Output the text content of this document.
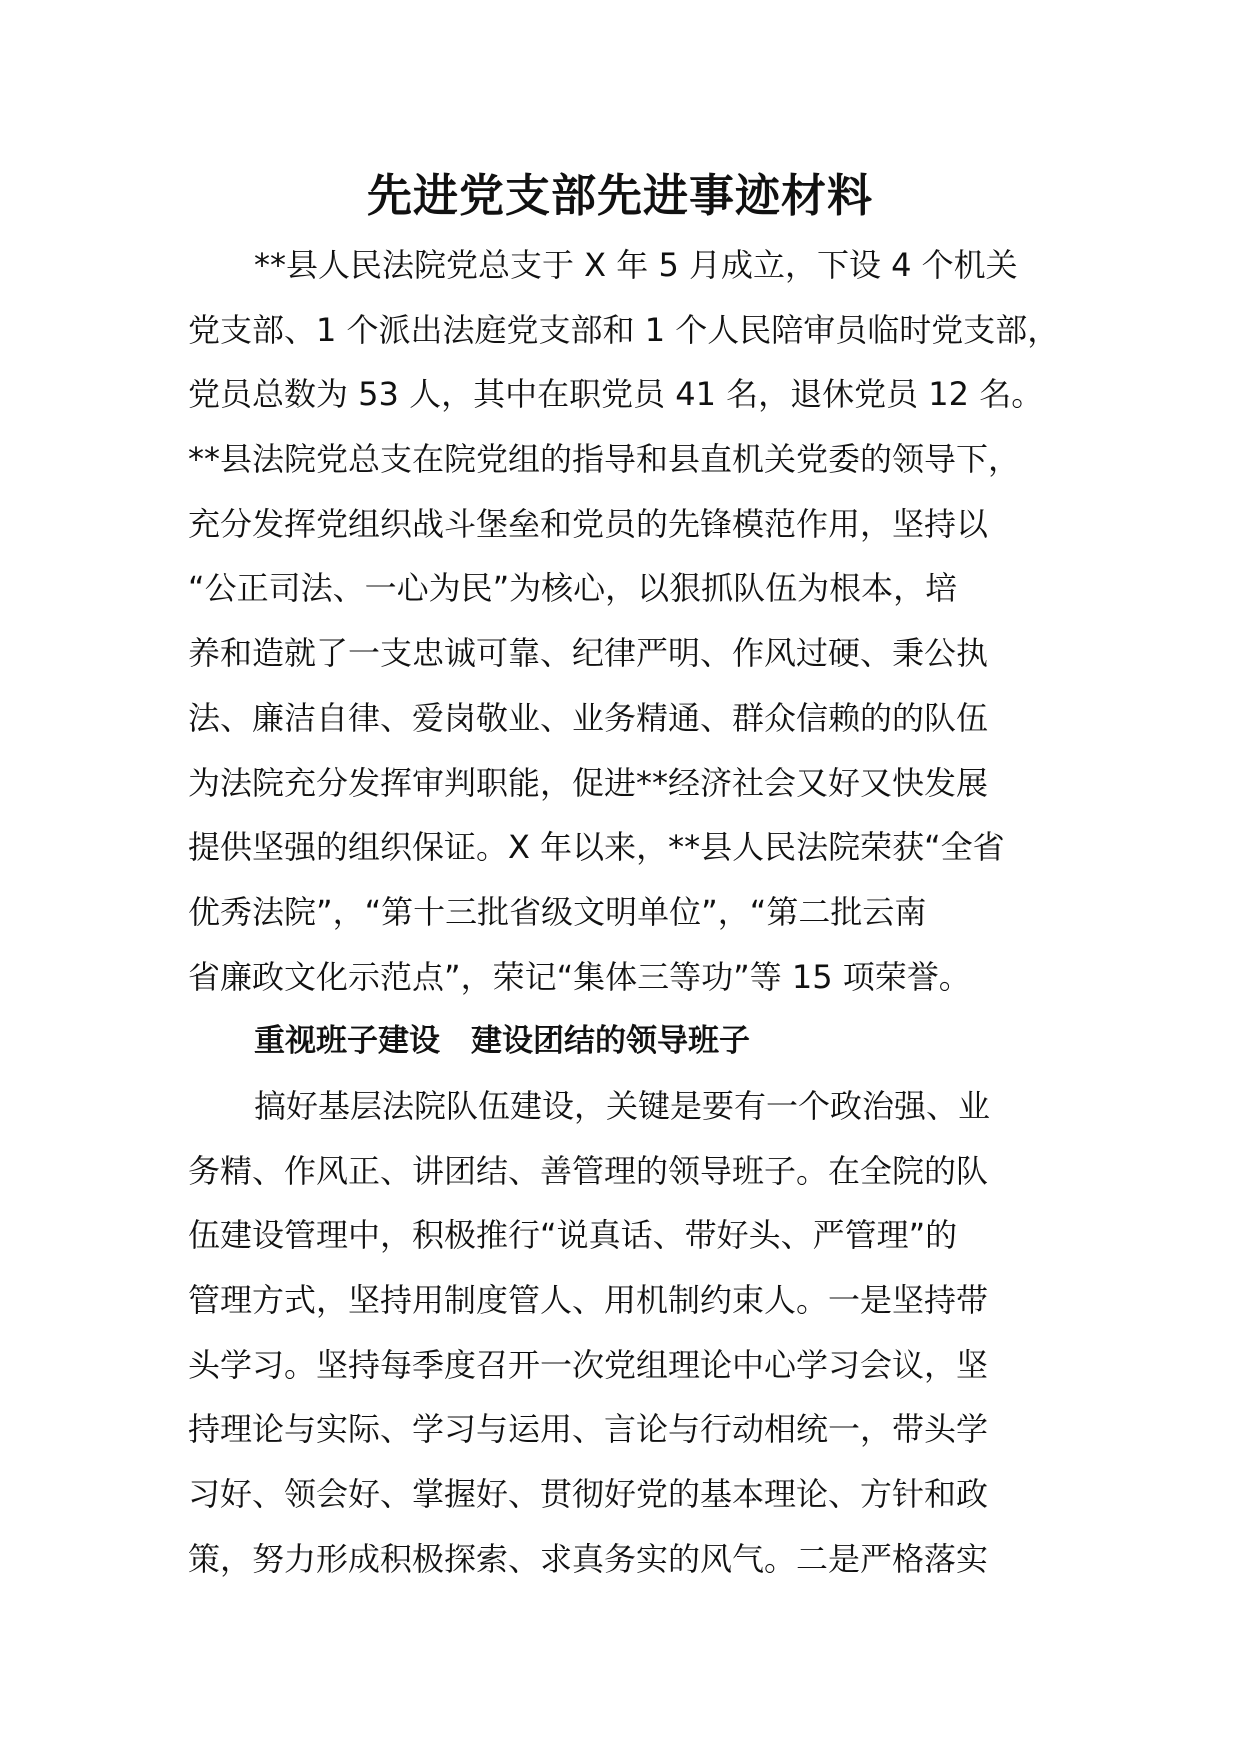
先进党支部先进事迹材料
**县人民法院党总支于 X 年 5 月成立，下设 4 个机关
党支部、1 个派出法庭党支部和 1 个人民陪审员临时党支部，
党员总数为 53 人，其中在职党员 41 名，退休党员 12 名。
**县法院党总支在院党组的指导和县直机关党委的领导下，
充分发挥党组织战斗堡垒和党员的先锋模范作用，坚持以
“公正司法、一心为民”为核心，以狠抓队伍为根本，培
养和造就了一支忠诚可靠、纪律严明、作风过硬、秉公执
法、廉洁自律、爱岗敬业、业务精通、群众信赖的的队伍
为法院充分发挥审判职能，促进**经济社会又好又快发展
提供坚强的组织保证。X 年以来，**县人民法院荣获“全省
优秀法院”，“第十三批省级文明单位”，“第二批云南
省廉政文化示范点”，荣记“集体三等功”等 15 项荣誉。
重视班子建设　建设团结的领导班子
搞好基层法院队伍建设，关键是要有一个政治强、业
务精、作风正、讲团结、善管理的领导班子。在全院的队
伍建设管理中，积极推行“说真话、带好头、严管理”的
管理方式，坚持用制度管人、用机制约束人。一是坚持带
头学习。坚持每季度召开一次党组理论中心学习会议，坚
持理论与实际、学习与运用、言论与行动相统一，带头学
习好、领会好、掌握好、贯彻好党的基本理论、方针和政
策，努力形成积极探索、求真务实的风气。二是严格落实
